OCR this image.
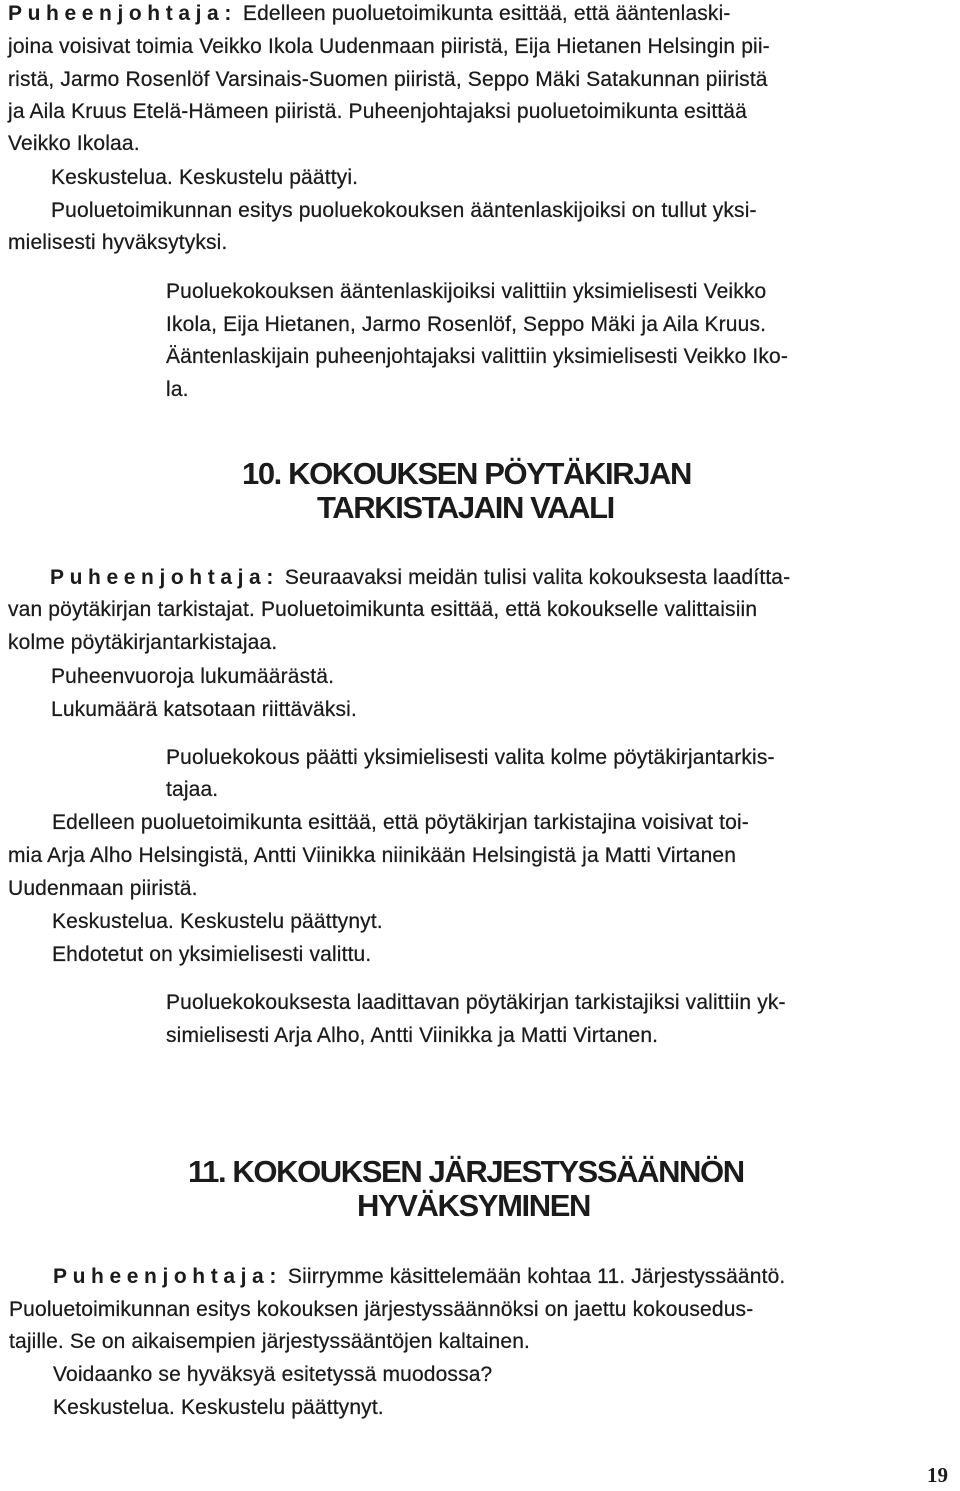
Puheenjohtaja: Edelleen puoluetoimikunta esittää, että ääntenlaski-
joina voisivat toimia Veikko Ikola Uudenmaan piiristä, Eija Hietanen Helsingin pii-
ristä, Jarmo Rosenlöf Varsinais-Suomen piiristä, Seppo Mäki Satakunnan piiristä
ja Aila Kruus Etelä-Hämeen piiristä. Puheenjohtajaksi puoluetoimikunta esittää
Veikko Ikolaa.
Keskustelua. Keskustelu päättyi.
Puoluetoimikunnan esitys puoluekokouksen ääntenlaskijoiksi on tullut yksi-
mielisesti hyväksytyksi.
Puoluekokouksen ääntenlaskijoiksi valittiin yksimielisesti Veikko
Ikola, Eija Hietanen, Jarmo Rosenlöf, Seppo Mäki ja Aila Kruus.
Ääntenlaskijain puheenjohtajaksi valittiin yksimielisesti Veikko Iko-
la.
10. KOKOUKSEN PÖYTÄKIRJAN
TARKISTAJAIN VAALI
Puheenjohtaja: Seuraavaksi meidän tulisi valita kokouksesta laadítta-
van pöytäkirjan tarkistajat. Puoluetoimikunta esittää, että kokoukselle valittaisiin
kolme pöytäkirjantarkistajaa.
Puheenvuoroja lukumäärästä.
Lukumäärä katsotaan riittäväksi.
Puoluekokous päätti yksimielisesti valita kolme pöytäkirjantarkis-
tajaa.
Edelleen puoluetoimikunta esittää, että pöytäkirjan tarkistajina voisivat toi-
mia Arja Alho Helsingistä, Antti Viinikka niinikään Helsingistä ja Matti Virtanen
Uudenmaan piiristä.
Keskustelua. Keskustelu päättynyt.
Ehdotetut on yksimielisesti valittu.
Puoluekokouksesta laadittavan pöytäkirjan tarkistajiksi valittiin yk-
simielisesti Arja Alho, Antti Viinikka ja Matti Virtanen.
11. KOKOUKSEN JÄRJESTYSSÄÄNNÖN
HYVÄKSYMINEN
Puheenjohtaja: Siirrymme käsittelemään kohtaa 11. Järjestyssääntö.
Puoluetoimikunnan esitys kokouksen järjestyssäännöksi on jaettu kokousedus-
tajille. Se on aikaisempien järjestyssääntöjen kaltainen.
Voidaanko se hyväksyä esitetyssä muodossa?
Keskustelua. Keskustelu päättynyt.
19
